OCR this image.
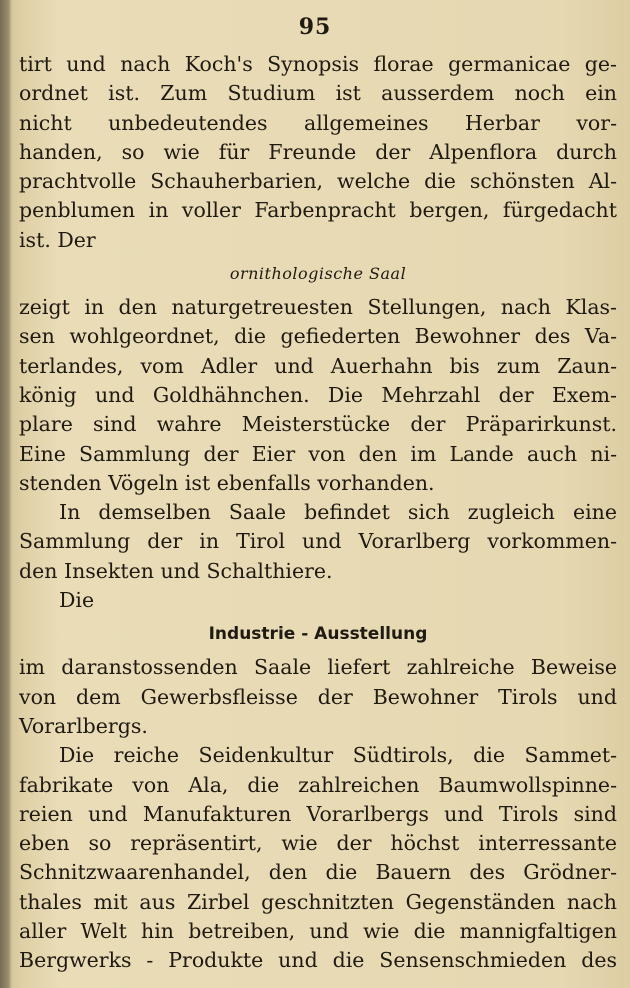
95
tirt und nach Koch's Synopsis florae germanicae ge-
ordnet ist. Zum Studium ist ausserdem noch ein
nicht unbedeutendes allgemeines Herbar vor-
handen, so wie für Freunde der Alpenflora durch
prachtvolle Schauherbarien, welche die schönsten Al-
penblumen in voller Farbenpracht bergen, fürgedacht
ist. Der
ornithologische Saal
zeigt in den naturgetreuesten Stellungen, nach Klas-
sen wohlgeordnet, die gefiederten Bewohner des Va-
terlandes, vom Adler und Auerhahn bis zum Zaun-
könig und Goldhähnchen. Die Mehrzahl der Exem-
plare sind wahre Meisterstücke der Präparirkunst.
Eine Sammlung der Eier von den im Lande auch ni-
stenden Vögeln ist ebenfalls vorhanden.
In demselben Saale befindet sich zugleich eine
Sammlung der in Tirol und Vorarlberg vorkommen-
den Insekten und Schalthiere.
Die
Industrie - Ausstellung
im daranstossenden Saale liefert zahlreiche Beweise
von dem Gewerbsfleisse der Bewohner Tirols und
Vorarlbergs.
Die reiche Seidenkultur Südtirols, die Sammet-
fabrikate von Ala, die zahlreichen Baumwollspinne-
reien und Manufakturen Vorarlbergs und Tirols sind
eben so repräsentirt, wie der höchst interressante
Schnitzwaarenhandel, den die Bauern des Grödner-
thales mit aus Zirbel geschnitzten Gegenständen nach
aller Welt hin betreiben, und wie die mannigfaltigen
Bergwerks - Produkte und die Sensenschmieden des
